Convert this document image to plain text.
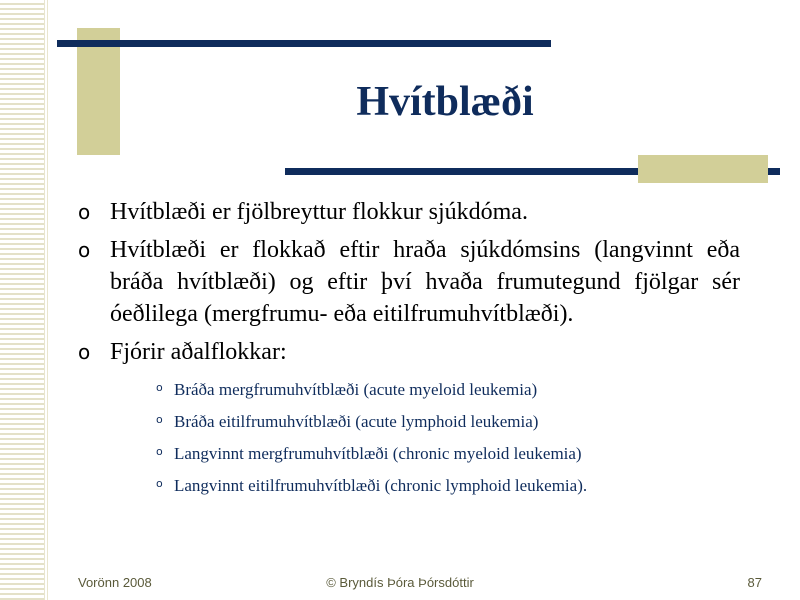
Hvítblæði

o Hvítblæði er fjölbreyttur flokkur sjúkdóma.

o Hvítblæði er flokkað eftir hraða sjúkdómsins (langvinnt eða bráða hvítblæði) og eftir því hvaða frumutegund fjölgar sér óeðlilega (mergfrumu- eða eitilfrumuhvítblæði).

o Fjórir aðalflokkar:

o Bráða mergfrumuhvítblæði (acute myeloid leukemia)
o Bráða eitilfrumuhvítblæði (acute lymphoid leukemia)
o Langvinnt mergfrumuhvítblæði (chronic myeloid leukemia)
o Langvinnt eitilfrumuhvítblæði (chronic lymphoid leukemia).
Vorönn 2008	© Bryndís Þóra Þórsdóttir	87
